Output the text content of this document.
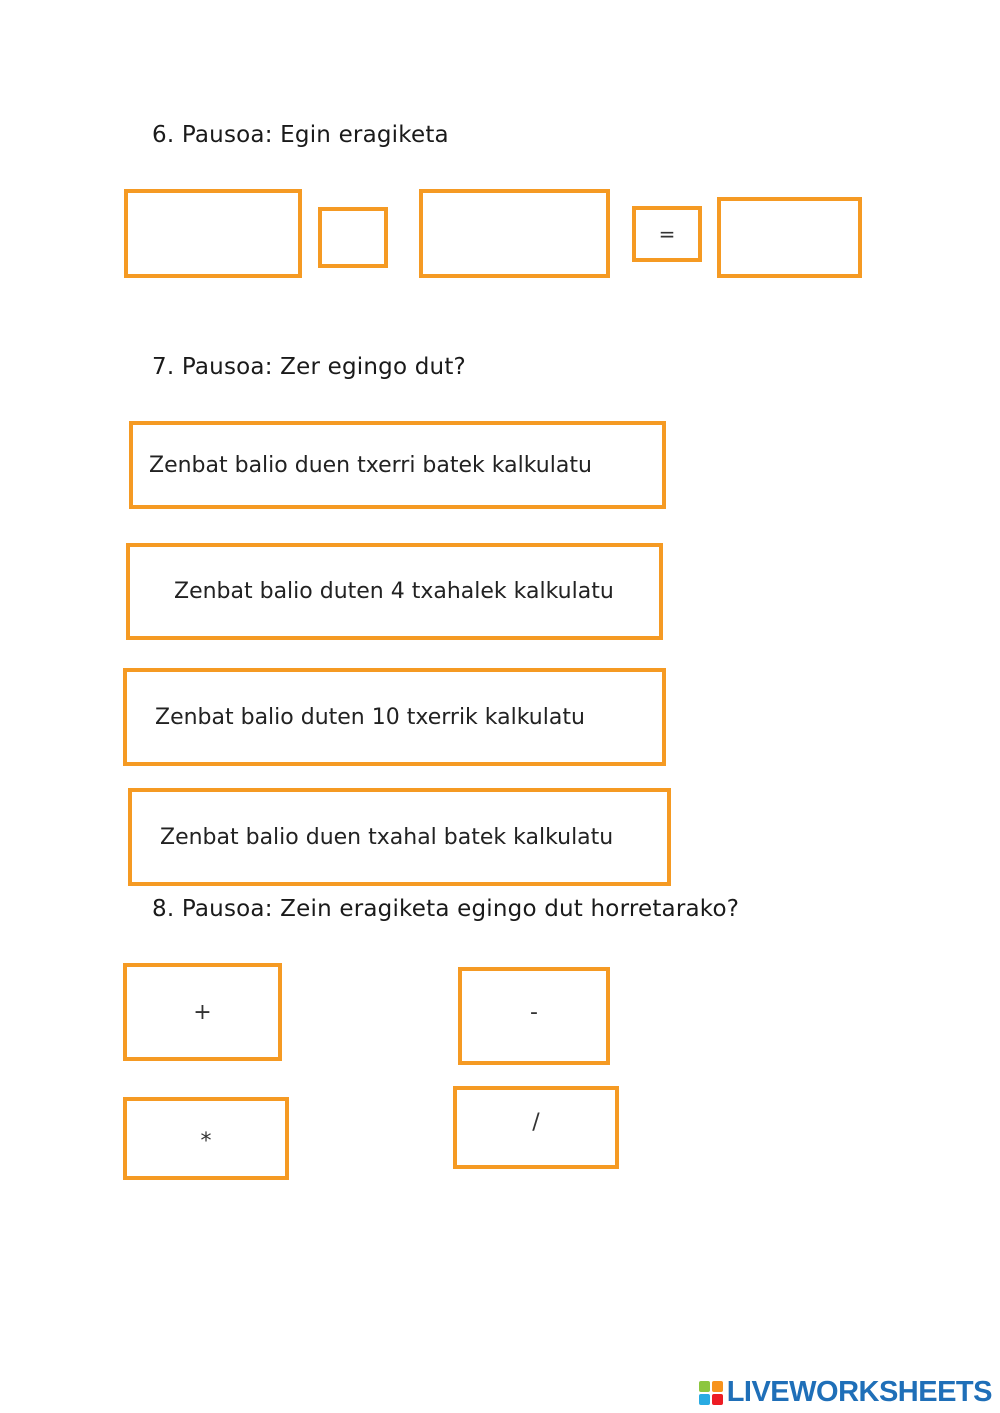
6. Pausoa: Egin eragiketa
=
7. Pausoa: Zer egingo dut?
Zenbat balio duen txerri batek kalkulatu
Zenbat balio duten 4 txahalek kalkulatu
Zenbat balio duten 10 txerrik kalkulatu
Zenbat balio duen txahal batek kalkulatu
8. Pausoa: Zein eragiketa egingo dut horretarako?
+	-
*
/
LIVEWORKSHEETS
